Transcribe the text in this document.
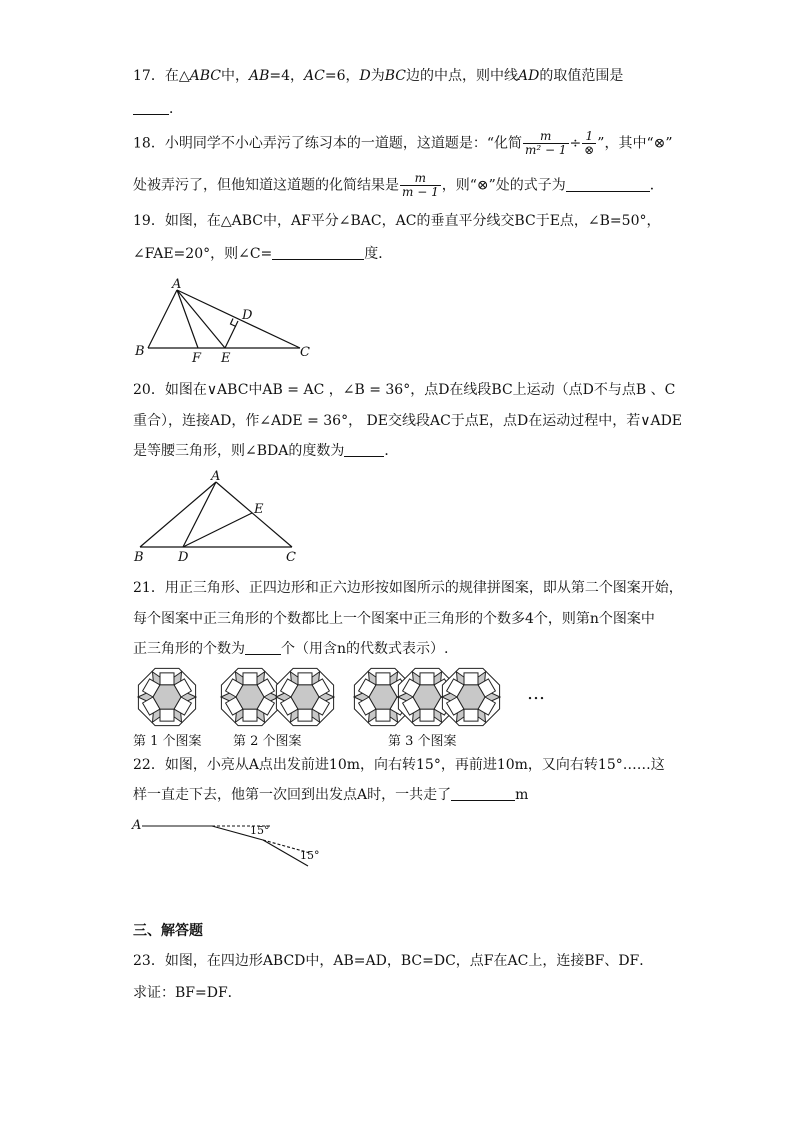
17．在△ABC中，AB=4，AC=6，D为BC边的中点，则中线AD的取值范围是
．
18．小明同学不小心弄污了练习本的一道题，这道题是：“化简 $\frac{m}{\text{m² − 1}} \div \frac{1}{\otimes}$ ”，其中“⊗”
处被弄污了，但他知道这道题的化简结果是 $\frac{m}{m - 1}$ ，则“⊗”处的式子为	．
19．如图，在△ABC中，AF平分∠BAC，AC的垂直平分线交BC于E点，∠B=50°，
∠FAE=20°，则∠C=	度．
A
B	F E
D
C
20．如图在∨ABC中AB = AC ，∠B = 36°，点D在线段BC上运动（点D不与点B 、C
重合），连接AD，作∠ADE = 36°， DE交线段AC于点E，点D在运动过程中，若∨ADE
是等腰三角形，则∠BDA的度数为	．
A
E
B	D	C
21．用正三角形、正四边形和正六边形按如图所示的规律拼图案，即从第二个图案开始，
每个图案中正三角形的个数都比上一个图案中正三角形的个数多4个，则第n个图案中
正三角形的个数为	个（用含n的代数式表示）.
…
第 1 个图案 第 2 个图案	第 3 个图案
22．如图，小亮从A点出发前进10m，向右转15°，再前进10m，又向右转15°……这
样一直走下去，他第一次回到出发点A时，一共走了	m
A	15°
15°
三、解答题
23．如图，在四边形ABCD中，AB=AD，BC=DC，点F在AC上，连接BF、DF．
求证：BF=DF．
